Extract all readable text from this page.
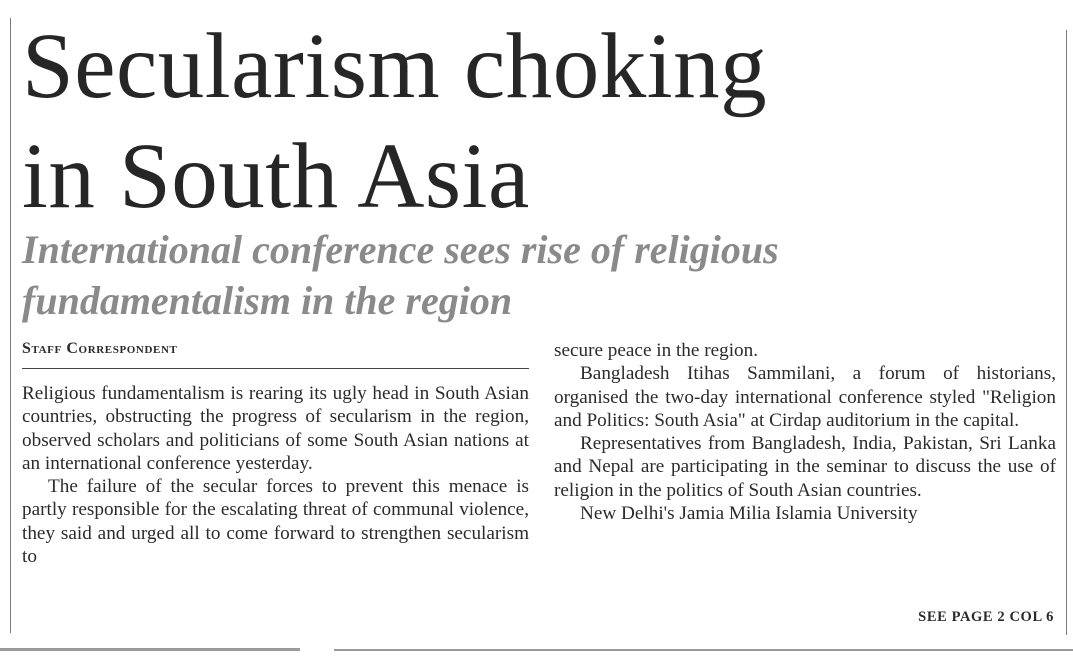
Secularism choking
in South Asia
International conference sees rise of religious
fundamentalism in the region
Staff Correspondent

Religious fundamentalism is rearing its ugly head in South Asian countries, obstructing the progress of secularism in the region, observed scholars and politicians of some South Asian nations at an international conference yesterday.

The failure of the secular forces to prevent this menace is partly responsible for the escalating threat of communal violence, they said and urged all to come forward to strengthen secularism to

secure peace in the region.

Bangladesh Itihas Sammilani, a forum of historians, organised the two-day international conference styled "Religion and Politics: South Asia" at Cirdap auditorium in the capital.

Representatives from Bangladesh, India, Pakistan, Sri Lanka and Nepal are participating in the seminar to discuss the use of religion in the politics of South Asian countries.

New Delhi's Jamia Milia Islamia University

SEE PAGE 2 COL 6
